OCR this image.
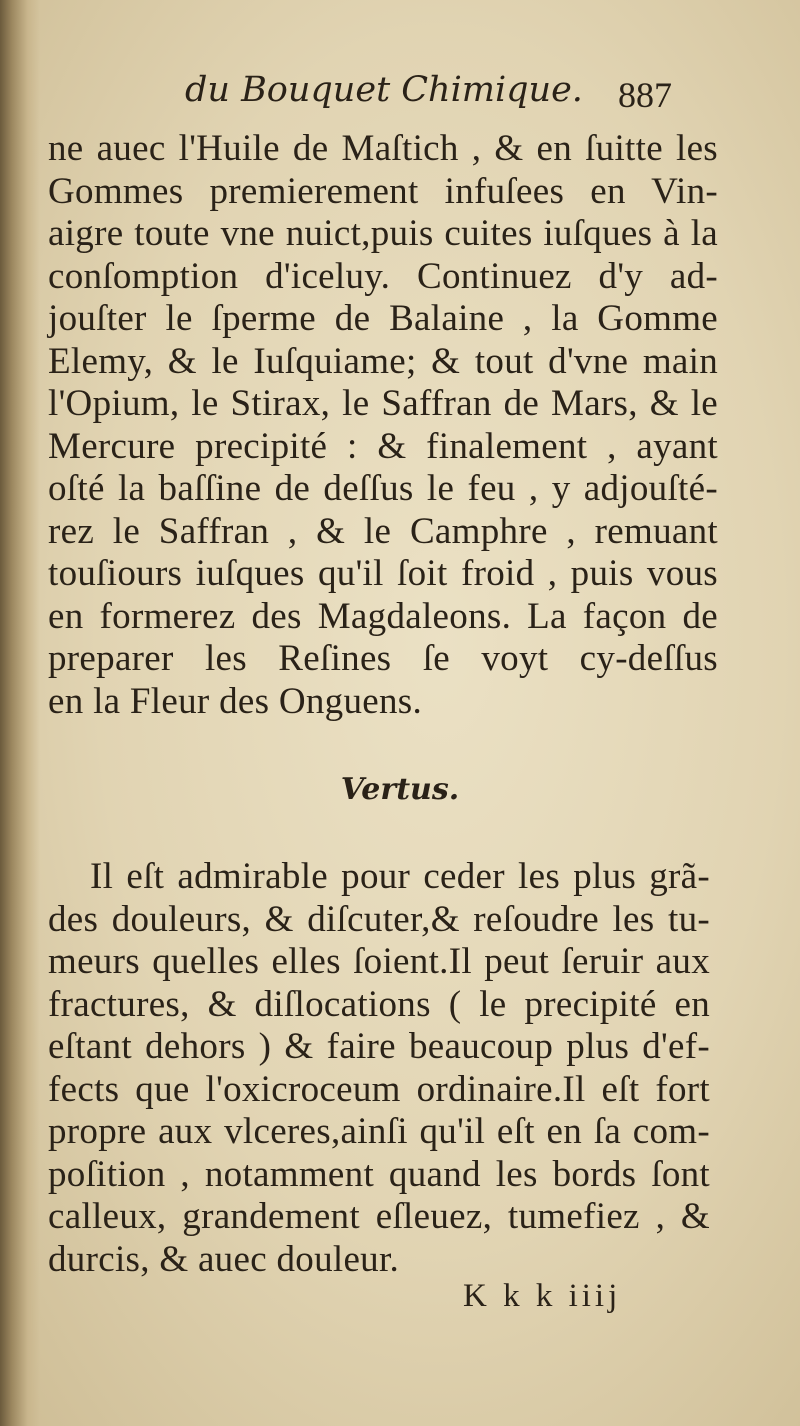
du Bouquet Chimique. 887
ne auec l'Huile de Maſtich , & en ſuitte les
Gommes premierement infuſees en Vin-
aigre toute vne nuict,puis cuites iuſques à la
conſomption d'iceluy. Continuez d'y ad-
jouſter le ſperme de Balaine , la Gomme
Elemy, & le Iuſquiame; & tout d'vne main
l'Opium, le Stirax, le Saffran de Mars, & le
Mercure precipité : & finalement , ayant
oſté la baſſine de deſſus le feu , y adjouſté-
rez le Saffran , & le Camphre , remuant
touſiours iuſques qu'il ſoit froid , puis vous
en formerez des Magdaleons. La façon de
preparer les Reſines ſe voyt cy-deſſus
en la Fleur des Onguens.
Vertus.
Il eſt admirable pour ceder les plus grã-
des douleurs, & diſcuter,& reſoudre les tu-
meurs quelles elles ſoient.Il peut ſeruir aux
fractures, & diſlocations ( le precipité en
eſtant dehors ) & faire beaucoup plus d'ef-
fects que l'oxicroceum ordinaire.Il eſt fort
propre aux vlceres,ainſi qu'il eſt en ſa com-
poſition , notamment quand les bords ſont
calleux, grandement eſleuez, tumefiez , &
durcis, & auec douleur.
K k k iiij
